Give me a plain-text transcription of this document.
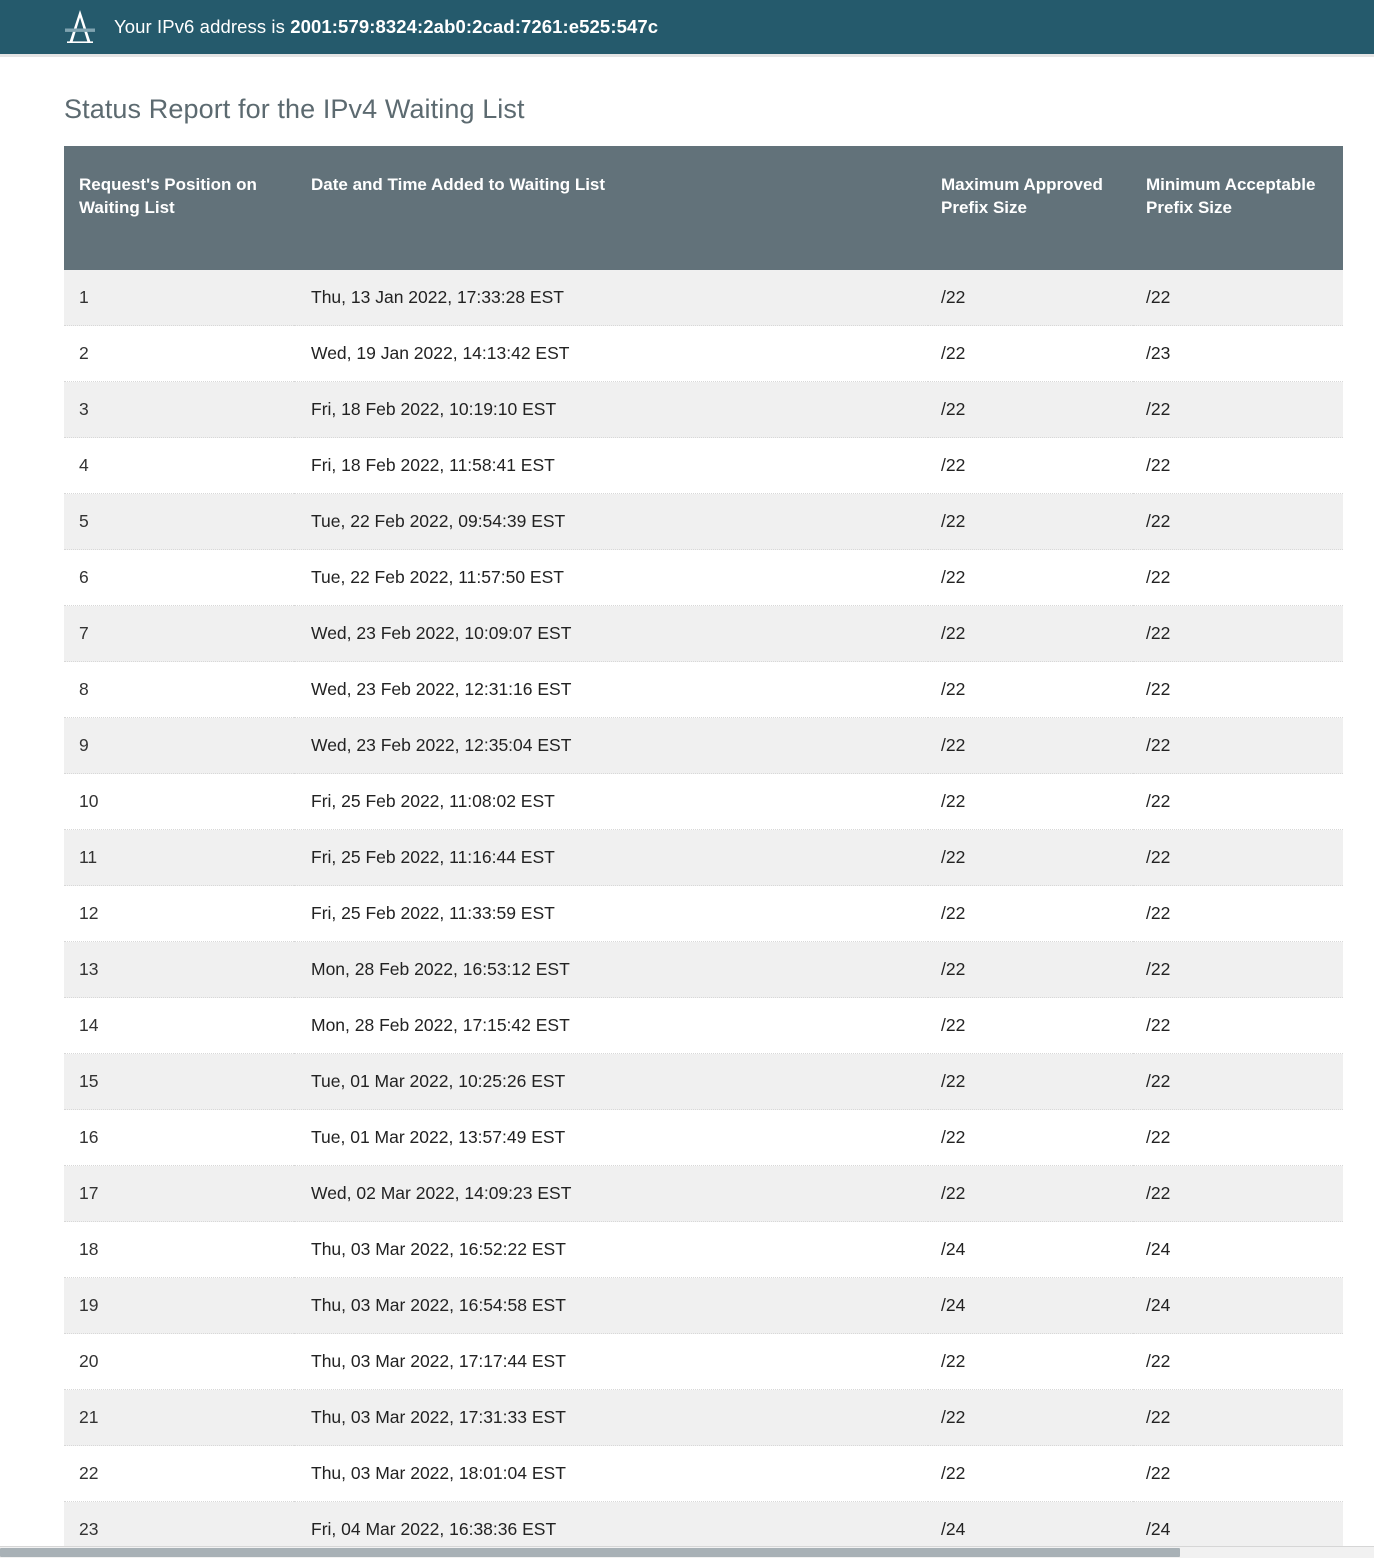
Your IPv6 address is 2001:579:8324:2ab0:2cad:7261:e525:547c
Status Report for the IPv4 Waiting List
Request's Position on Waiting List	Date and Time Added to Waiting List	Maximum Approved Prefix Size	Minimum Acceptable Prefix Size
1	Thu, 13 Jan 2022, 17:33:28 EST	/22	/22
2	Wed, 19 Jan 2022, 14:13:42 EST	/22	/23
3	Fri, 18 Feb 2022, 10:19:10 EST	/22	/22
4	Fri, 18 Feb 2022, 11:58:41 EST	/22	/22
5	Tue, 22 Feb 2022, 09:54:39 EST	/22	/22
6	Tue, 22 Feb 2022, 11:57:50 EST	/22	/22
7	Wed, 23 Feb 2022, 10:09:07 EST	/22	/22
8	Wed, 23 Feb 2022, 12:31:16 EST	/22	/22
9	Wed, 23 Feb 2022, 12:35:04 EST	/22	/22
10	Fri, 25 Feb 2022, 11:08:02 EST	/22	/22
11	Fri, 25 Feb 2022, 11:16:44 EST	/22	/22
12	Fri, 25 Feb 2022, 11:33:59 EST	/22	/22
13	Mon, 28 Feb 2022, 16:53:12 EST	/22	/22
14	Mon, 28 Feb 2022, 17:15:42 EST	/22	/22
15	Tue, 01 Mar 2022, 10:25:26 EST	/22	/22
16	Tue, 01 Mar 2022, 13:57:49 EST	/22	/22
17	Wed, 02 Mar 2022, 14:09:23 EST	/22	/22
18	Thu, 03 Mar 2022, 16:52:22 EST	/24	/24
19	Thu, 03 Mar 2022, 16:54:58 EST	/24	/24
20	Thu, 03 Mar 2022, 17:17:44 EST	/22	/22
21	Thu, 03 Mar 2022, 17:31:33 EST	/22	/22
22	Thu, 03 Mar 2022, 18:01:04 EST	/22	/22
23	Fri, 04 Mar 2022, 16:38:36 EST	/24	/24
